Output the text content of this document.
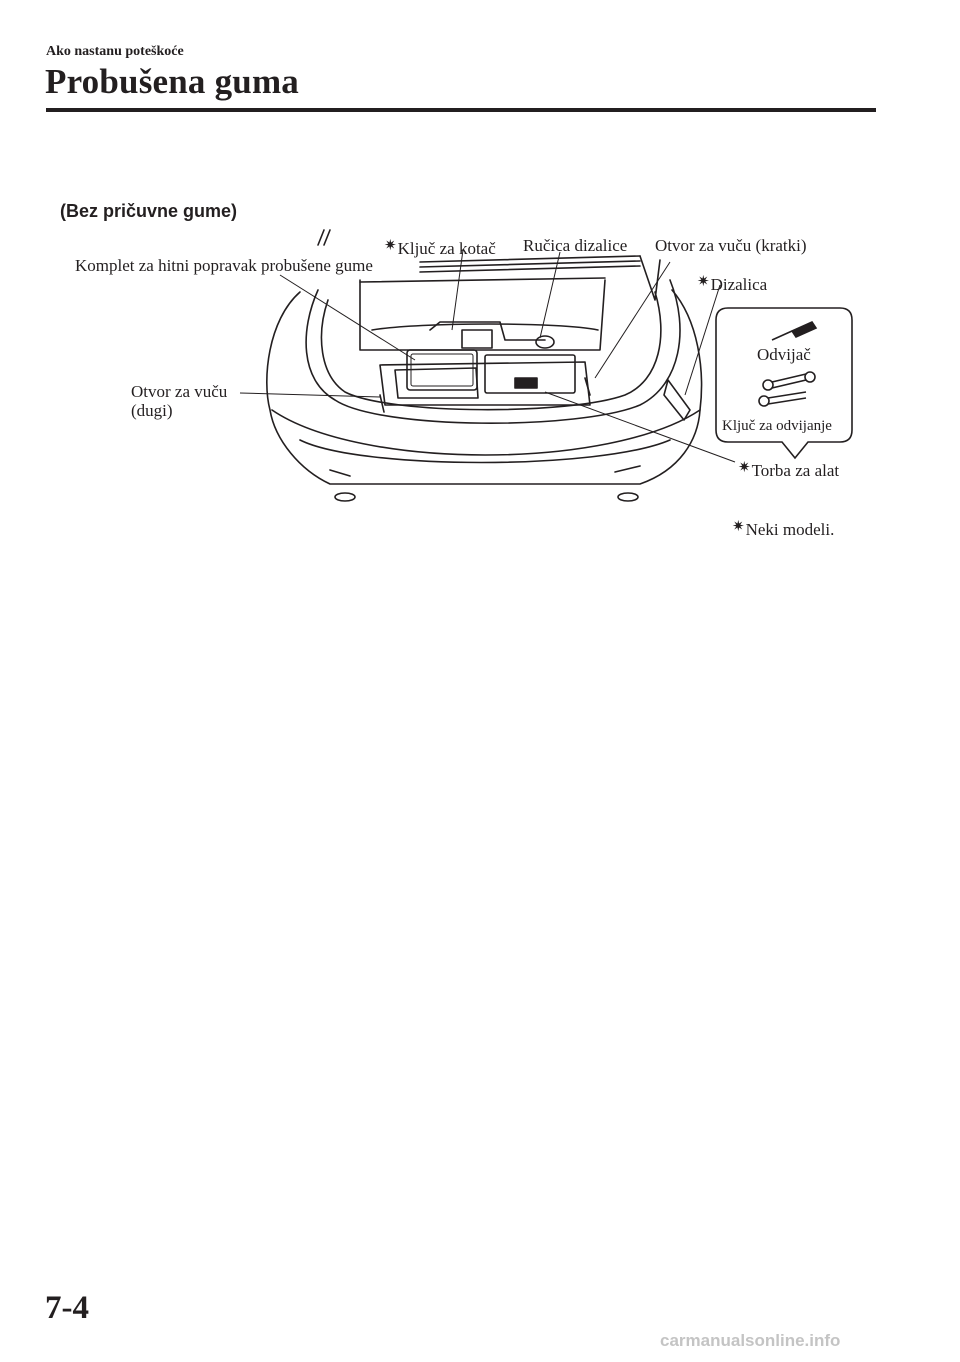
Ako nastanu poteškoće
Probušena guma
(Bez pričuvne gume)
✷Ključ za kotač Ručica dizalice Otvor za vuču (kratki)
Komplet za hitni popravak probušene gume
✷Dizalica
Odvijač
Otvor za vuču
(dugi)
Ključ za odvijanje
✷Torba za alat
✷Neki modeli.
7-4
carmanualsonline.info
